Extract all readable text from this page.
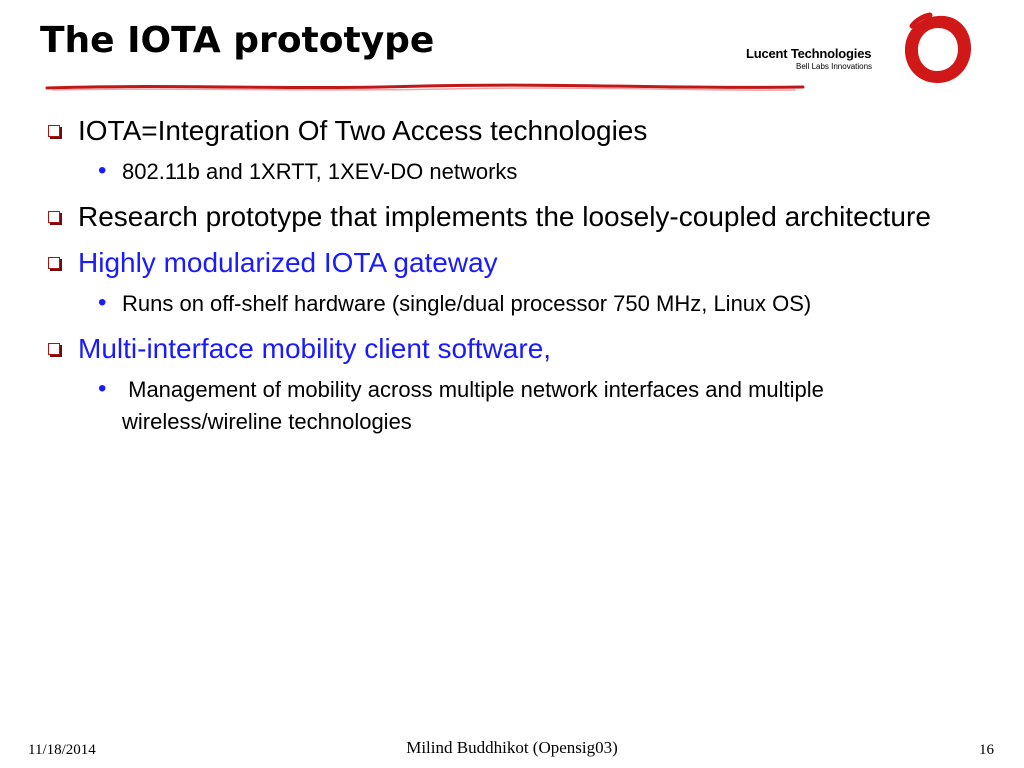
The IOTA prototype	Lucent Technologies
Bell Labs Innovations
IOTA=Integration Of Two Access technologies
• 802.11b and 1XRTT, 1XEV-DO networks
Research prototype that implements the loosely-coupled architecture
Highly modularized IOTA gateway
• Runs on off-shelf hardware (single/dual processor 750 MHz, Linux OS)
Multi-interface mobility client software,
• Management of mobility across multiple network interfaces and multiple wireless/wireline technologies
11/18/2014	Milind Buddhikot (Opensig03)	16
